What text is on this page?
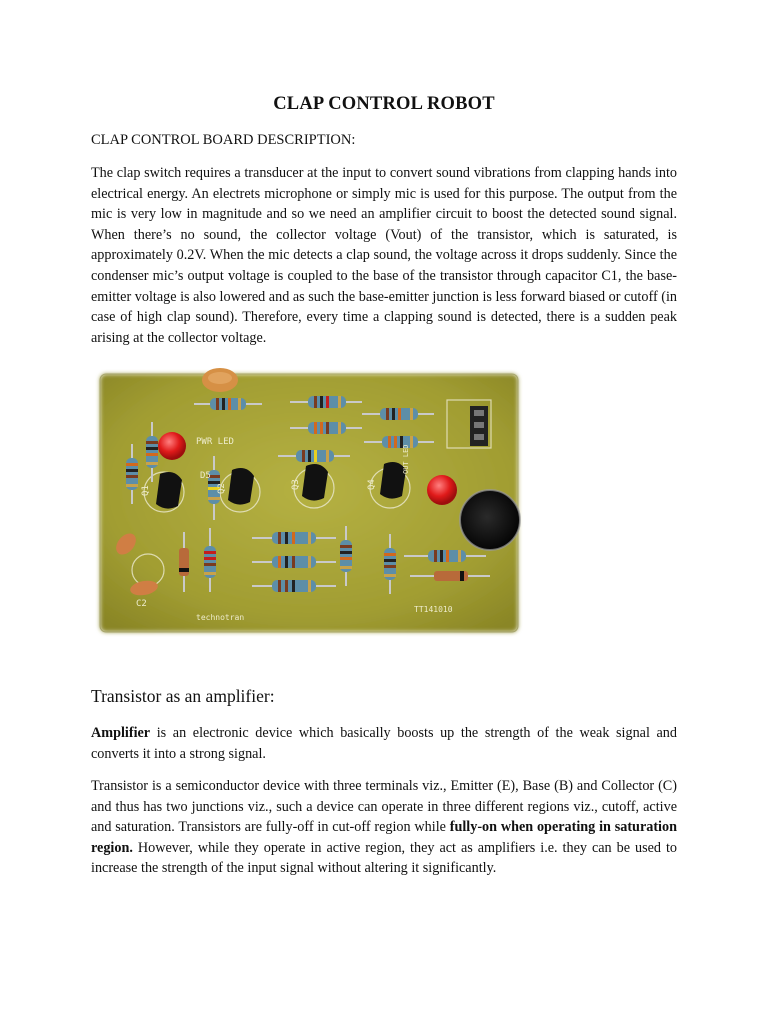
CLAP CONTROL ROBOT
CLAP CONTROL BOARD DESCRIPTION:

The clap switch requires a transducer at the input to convert sound vibrations from clapping hands into electrical energy. An electrets microphone or simply mic is used for this purpose. The output from the mic is very low in magnitude and so we need an amplifier circuit to boost the detected sound signal. When there’s no sound, the collector voltage (Vout) of the transistor, which is saturated, is approximately 0.2V. When the mic detects a clap sound, the voltage across it drops suddenly. Since the condenser mic’s output voltage is coupled to the base of the transistor through capacitor C1, the base-emitter voltage is also lowered and as such the base-emitter junction is less forward biased or cutoff (in case of high clap sound). Therefore, every time a clapping sound is detected, there is a sudden peak arising at the collector voltage.

PWR LED
D5
Q1	Q2	Q3	Q4
OUT LED
C2
technotran
TT141010
Transistor as an amplifier:

Amplifier is an electronic device which basically boosts up the strength of the weak signal and converts it into a strong signal.

Transistor is a semiconductor device with three terminals viz., Emitter (E), Base (B) and Collector (C) and thus has two junctions viz., such a device can operate in three different regions viz., cutoff, active and saturation. Transistors are fully-off in cut-off region while fully-on when operating in saturation region. However, while they operate in active region, they act as amplifiers i.e. they can be used to increase the strength of the input signal without altering it significantly.
